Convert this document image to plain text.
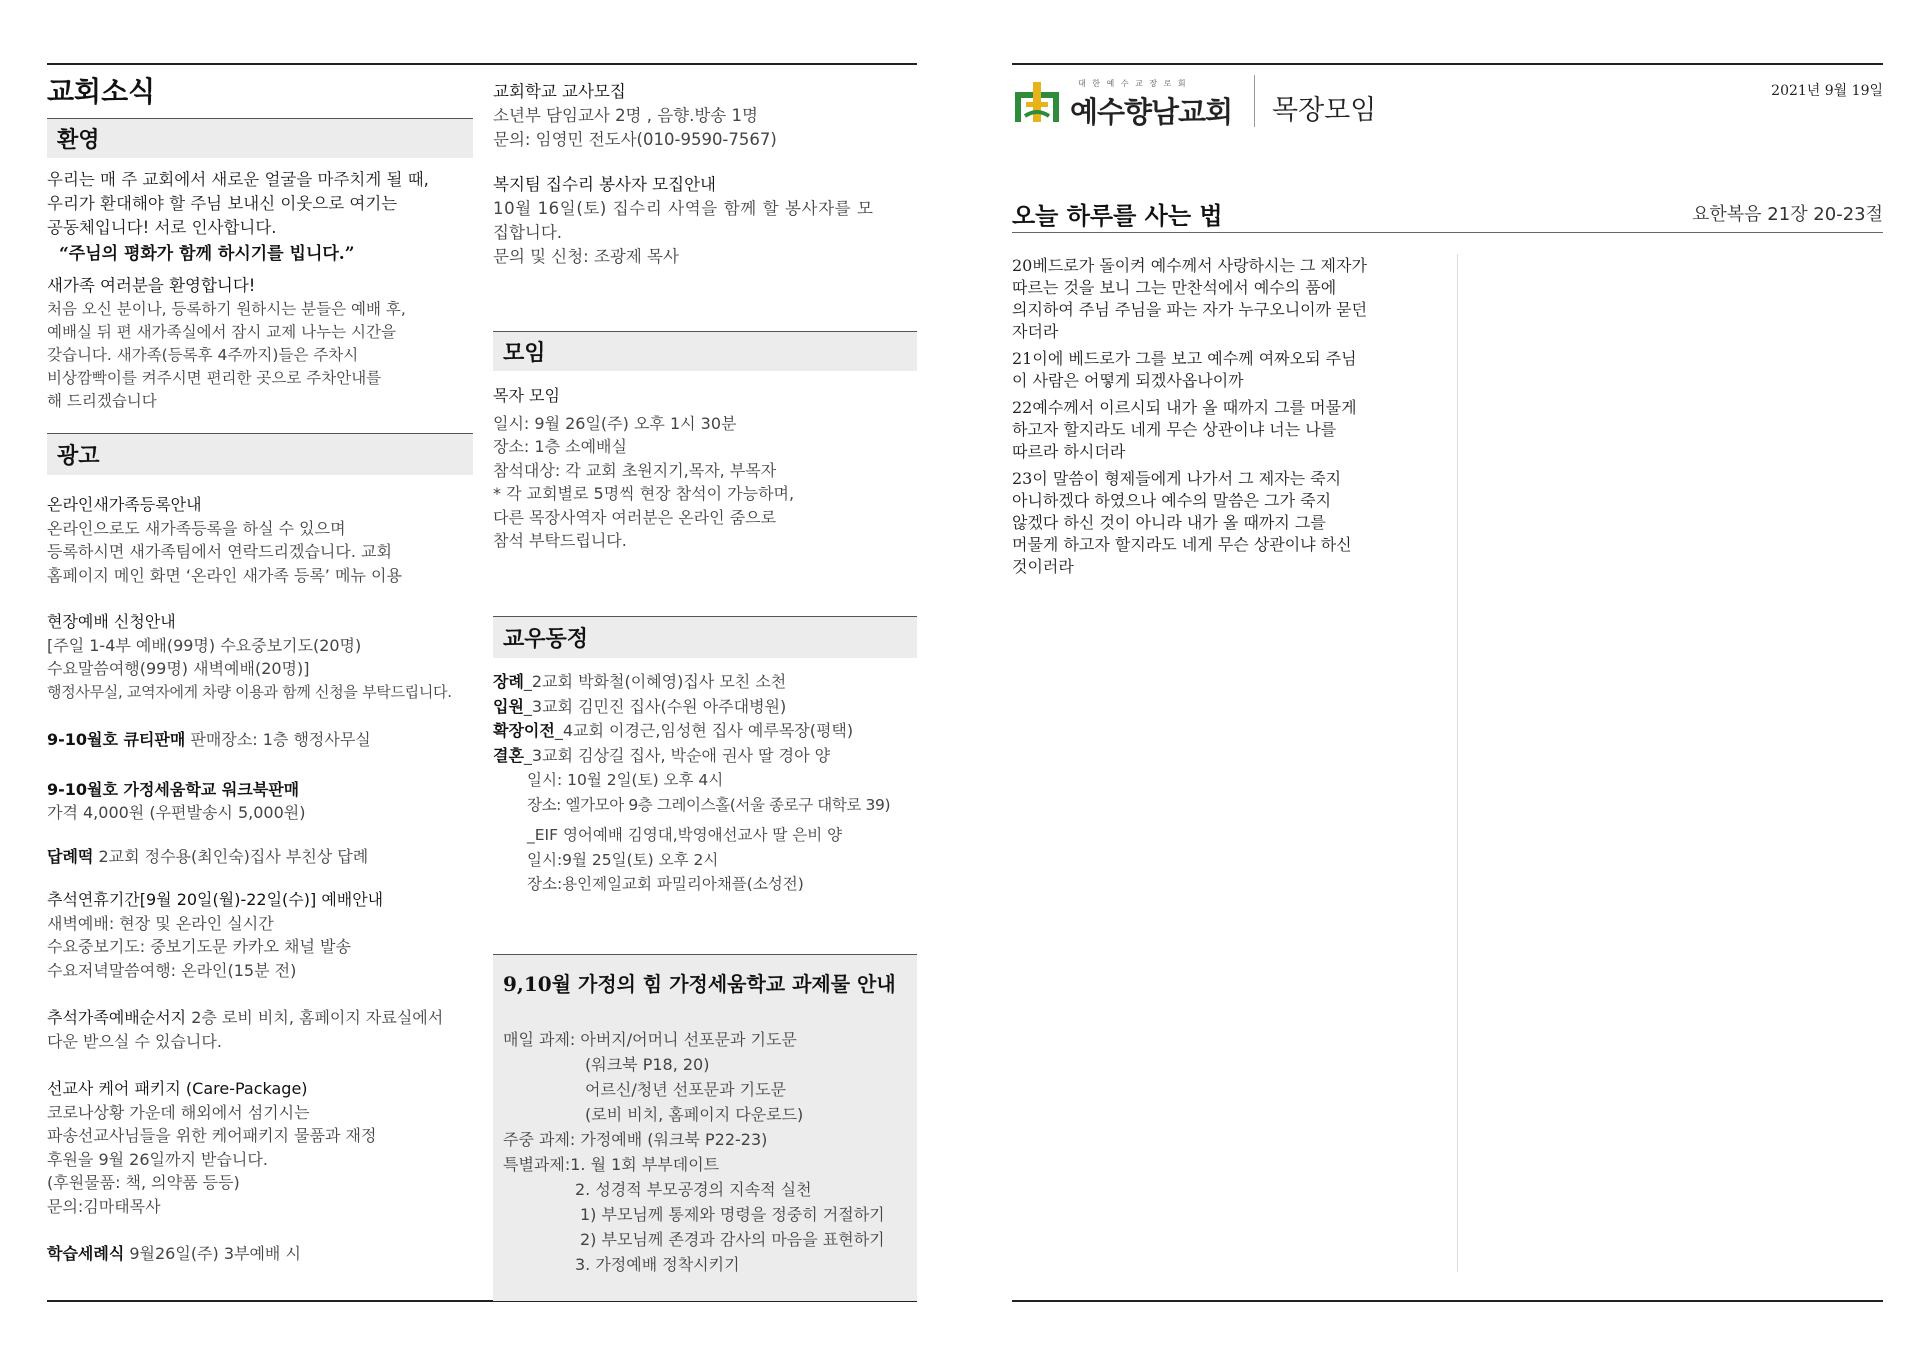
교회소식
환영
우리는 매 주 교회에서 새로운 얼굴을 마주치게 될 때,
우리가 환대해야 할 주님 보내신 이웃으로 여기는
공동체입니다! 서로 인사합니다.
“주님의 평화가 함께 하시기를 빕니다.”
새가족 여러분을 환영합니다!
처음 오신 분이나, 등록하기 원하시는 분들은 예배 후,
예배실 뒤 편 새가족실에서 잠시 교제 나누는 시간을
갖습니다. 새가족(등록후 4주까지)들은 주차시
비상깜빡이를 켜주시면 편리한 곳으로 주차안내를
해 드리겠습니다
광고
온라인새가족등록안내
온라인으로도 새가족등록을 하실 수 있으며
등록하시면 새가족팀에서 연락드리겠습니다. 교회
홈페이지 메인 화면 ‘온라인 새가족 등록’ 메뉴 이용
현장예배 신청안내
[주일 1-4부 예배(99명) 수요중보기도(20명)
수요말씀여행(99명) 새벽예배(20명)]
행정사무실, 교역자에게 차량 이용과 함께 신청을 부탁드립니다.
9-10월호 큐티판매 판매장소: 1층 행정사무실
9-10월호 가정세움학교 워크북판매
가격 4,000원 (우편발송시 5,000원)
답례떡 2교회 정수용(최인숙)집사 부친상 답례
추석연휴기간[9월 20일(월)-22일(수)] 예배안내
새벽예배: 현장 및 온라인 실시간
수요중보기도: 중보기도문 카카오 채널 발송
수요저녁말씀여행: 온라인(15분 전)
추석가족예배순서지 2층 로비 비치, 홈페이지 자료실에서
다운 받으실 수 있습니다.
선교사 케어 패키지 (Care-Package)
코로나상황 가운데 해외에서 섬기시는
파송선교사님들을 위한 케어패키지 물품과 재정
후원을 9월 26일까지 받습니다.
(후원물품: 책, 의약품 등등)
문의:김마태목사
학습세례식 9월26일(주) 3부예배 시
교회학교 교사모집
소년부 담임교사 2명 , 음향.방송 1명
문의: 임영민 전도사(010-9590-7567)
복지팀 집수리 봉사자 모집안내
10월 16일(토) 집수리 사역을 함께 할 봉사자를 모
집합니다.
문의 및 신청: 조광제 목사
모임
목자 모임
일시: 9월 26일(주) 오후 1시 30분
장소: 1층 소예배실
참석대상: 각 교회 초원지기,목자, 부목자
* 각 교회별로 5명씩 현장 참석이 가능하며,
다른 목장사역자 여러분은 온라인 줌으로
참석 부탁드립니다.
교우동정
장례_2교회 박화철(이혜영)집사 모친 소천
입원_3교회 김민진 집사(수원 아주대병원)
확장이전_4교회 이경근,임성현 집사 예루목장(평택)
결혼_3교회 김상길 집사, 박순애 권사 딸 경아 양
일시: 10월 2일(토) 오후 4시
장소: 엘가모아 9층 그레이스홀(서울 종로구 대학로 39)
_EIF 영어예배 김영대,박영애선교사 딸 은비 양
일시:9월 25일(토) 오후 2시
장소:용인제일교회 파밀리아채플(소성전)
9,10월 가정의 힘 가정세움학교 과제물 안내
매일 과제: 아버지/어머니 선포문과 기도문
(워크북 P18, 20)
어르신/청년 선포문과 기도문
(로비 비치, 홈페이지 다운로드)
주중 과제: 가정예배 (워크북 P22-23)
특별과제:1. 월 1회 부부데이트
2. 성경적 부모공경의 지속적 실천
1) 부모님께 통제와 명령을 정중히 거절하기
2) 부모님께 존경과 감사의 마음을 표현하기
3. 가정예배 정착시키기
대 한 예 수 교 장 로 회
예수향남교회 목장모임
2021년 9월 19일
오늘 하루를 사는 법	요한복음 21장 20-23절
20베드로가 돌이켜 예수께서 사랑하시는 그 제자가
따르는 것을 보니 그는 만찬석에서 예수의 품에
의지하여 주님 주님을 파는 자가 누구오니이까 묻던
자더라
21이에 베드로가 그를 보고 예수께 여짜오되 주님
이 사람은 어떻게 되겠사옵나이까
22예수께서 이르시되 내가 올 때까지 그를 머물게
하고자 할지라도 네게 무슨 상관이냐 너는 나를
따르라 하시더라
23이 말씀이 형제들에게 나가서 그 제자는 죽지
아니하겠다 하였으나 예수의 말씀은 그가 죽지
않겠다 하신 것이 아니라 내가 올 때까지 그를
머물게 하고자 할지라도 네게 무슨 상관이냐 하신
것이러라
